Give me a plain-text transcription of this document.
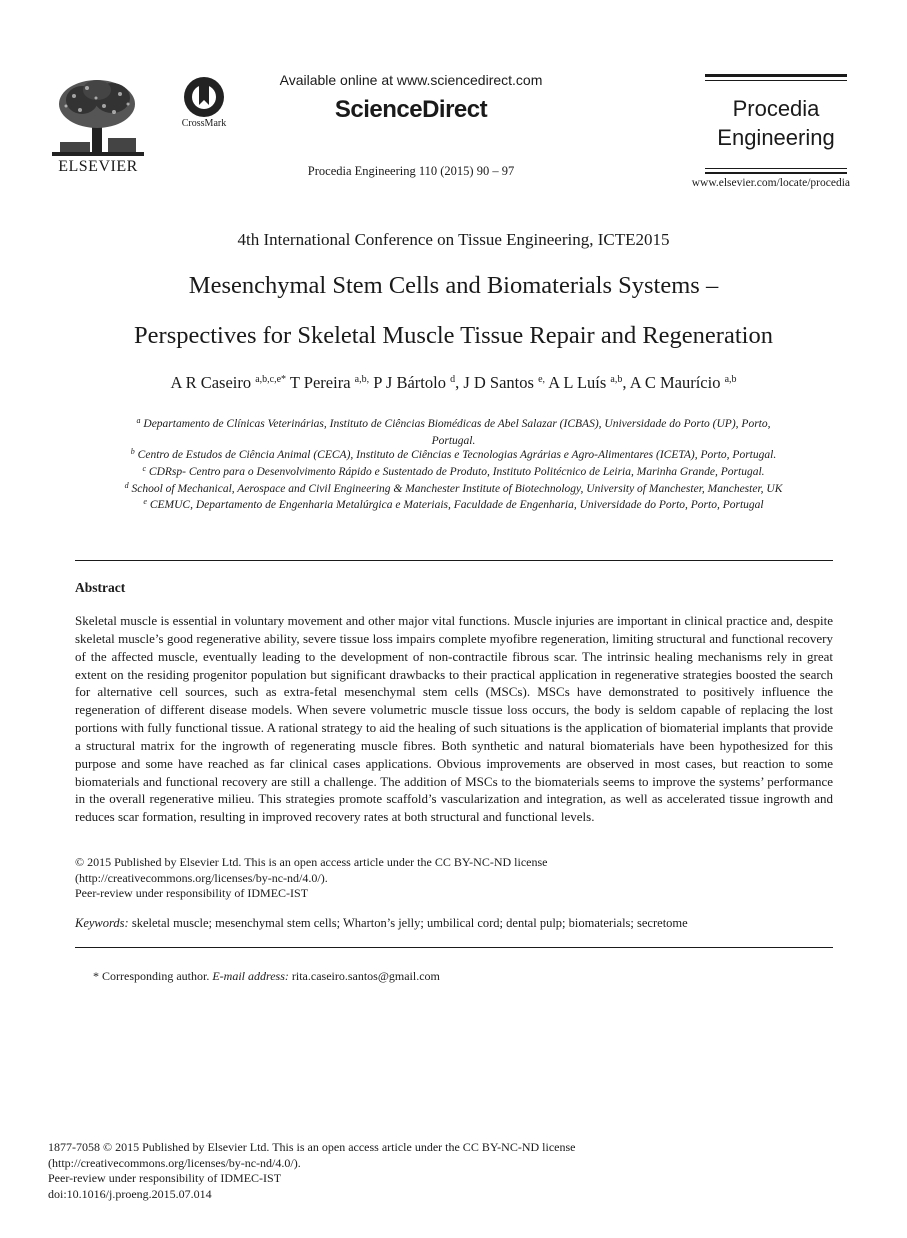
ELSEVIER
CrossMark
Available online at www.sciencedirect.com
ScienceDirect
Procedia Engineering 110 (2015) 90 – 97
Procedia
Engineering
www.elsevier.com/locate/procedia
4th International Conference on Tissue Engineering, ICTE2015
Mesenchymal Stem Cells and Biomaterials Systems –
Perspectives for Skeletal Muscle Tissue Repair and Regeneration
A R Caseiro $^{a,b,c,e*}$ T Pereira $^{a,b,}$ P J Bártolo $^d$, J D Santos $^{e,}$ A L Luís $^{a,b}$, A C Maurício $^{a,b}$
$^a$ Departamento de Clínicas Veterinárias, Instituto de Ciências Biomédicas de Abel Salazar (ICBAS), Universidade do Porto (UP), Porto,
Portugal.
$^b$ Centro de Estudos de Ciência Animal (CECA), Instituto de Ciências e Tecnologias Agrárias e Agro-Alimentares (ICETA), Porto, Portugal.
$^c$ CDRsp- Centro para o Desenvolvimento Rápido e Sustentado de Produto, Instituto Politécnico de Leiria, Marinha Grande, Portugal.
$^d$ School of Mechanical, Aerospace and Civil Engineering & Manchester Institute of Biotechnology, University of Manchester, Manchester, UK
$^e$ CEMUC, Departamento de Engenharia Metalúrgica e Materiais, Faculdade de Engenharia, Universidade do Porto, Porto, Portugal
Abstract

Skeletal muscle is essential in voluntary movement and other major vital functions. Muscle injuries are important in clinical practice and, despite skeletal muscle’s good regenerative ability, severe tissue loss impairs complete myofibre regeneration, limiting structural and functional recovery of the affected muscle, eventually leading to the development of non-contractile fibrous scar. The intrinsic healing mechanisms rely in great extent on the residing progenitor population but significant drawbacks to their practical application in regenerative strategies boosted the search for alternative cell sources, such as extra-fetal mesenchymal stem cells (MSCs). MSCs have demonstrated to positively influence the regeneration of different disease models. When severe volumetric muscle tissue loss occurs, the body is seldom capable of replacing the lost portions with fully functional tissue. A rational strategy to aid the healing of such situations is the application of biomaterial implants that provide a structural matrix for the ingrowth of regenerating muscle fibres. Both synthetic and natural biomaterials have been hypothesized for this purpose and some have reached as far clinical cases applications. Obvious improvements are observed in most cases, but reaction to some biomaterials and functional recovery are still a challenge. The addition of MSCs to the biomaterials seems to improve the systems’ performance in the overall regenerative milieu. This strategies promote scaffold’s vascularization and integration, as well as accelerated tissue ingrowth and reduces scar formation, resulting in improved recovery rates at both structural and functional levels.

© 2015 Published by Elsevier Ltd. This is an open access article under the CC BY-NC-ND license
(http://creativecommons.org/licenses/by-nc-nd/4.0/).
Peer-review under responsibility of IDMEC-IST
Keywords: skeletal muscle; mesenchymal stem cells; Wharton’s jelly; umbilical cord; dental pulp; biomaterials; secretome
* Corresponding author. E-mail address: rita.caseiro.santos@gmail.com
1877-7058 © 2015 Published by Elsevier Ltd. This is an open access article under the CC BY-NC-ND license
(http://creativecommons.org/licenses/by-nc-nd/4.0/).
Peer-review under responsibility of IDMEC-IST
doi:10.1016/j.proeng.2015.07.014
